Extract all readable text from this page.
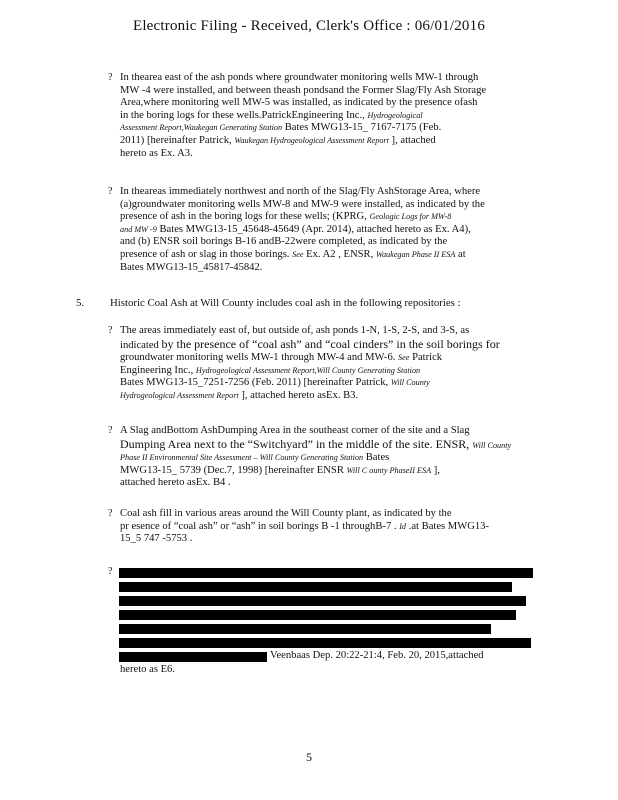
Electronic Filing - Received, Clerk's Office : 06/01/2016
? In thearea east of the ash ponds where groundwater monitoring wells MW-1 through
MW -4 were installed, and between theash pondsand the Former Slag/Fly Ash Storage
Area,where monitoring well MW-5 was installed, as indicated by the presence ofash
in the boring logs for these wells.PatrickEngineering Inc., Hydrogeological
Assessment Report,Waukegan Generating Station Bates MWG13-15_ 7167-7175 (Feb.
2011) [hereinafter Patrick, Waukegan Hydrogeological Assessment Report ], attached
hereto as Ex. A3.
? In theareas immediately northwest and north of the Slag/Fly AshStorage Area, where
(a)groundwater monitoring wells MW-8 and MW-9 were installed, as indicated by the
presence of ash in the boring logs for these wells; (KPRG, Geologic Logs for MW-8
and MW -9 Bates MWG13-15_45648-45649 (Apr. 2014), attached hereto as Ex. A4),
and (b) ENSR soil borings B-16 andB-22were completed, as indicated by the
presence of ash or slag in those borings. See Ex. A2 , ENSR, Waukegan Phase II ESA at
Bates MWG13-15_45817-45842.
5. Historic Coal Ash at Will County includes coal ash in the following repositories :
? The areas immediately east of, but outside of, ash ponds 1-N, 1-S, 2-S, and 3-S, as
indicated by the presence of “coal ash” and “coal cinders” in the soil borings for
groundwater monitoring wells MW-1 through MW-4 and MW-6. See Patrick
Engineering Inc., Hydrogeological Assessment Report,Will County Generating Station
Bates MWG13-15_7251-7256 (Feb. 2011) [hereinafter Patrick, Will County
Hydrogeological Assessment Report ], attached hereto asEx. B3.
? A Slag andBottom AshDumping Area in the southeast corner of the site and a Slag
Dumping Area next to the “Switchyard” in the middle of the site. ENSR, Will County
Phase II Environmental Site Assessment – Will County Generating Station Bates
MWG13-15_ 5739 (Dec.7, 1998) [hereinafter ENSR Will C ounty PhaseII ESA ],
attached hereto asEx. B4 .
? Coal ash fill in various areas around the Will County plant, as indicated by the
pr esence of “coal ash” or “ash” in soil borings B -1 throughB-7 . Id .at Bates MWG13-
15_5 747 -5753 .
?
Veenbaas Dep. 20:22-21:4, Feb. 20, 2015,attached
hereto as E6.
5
